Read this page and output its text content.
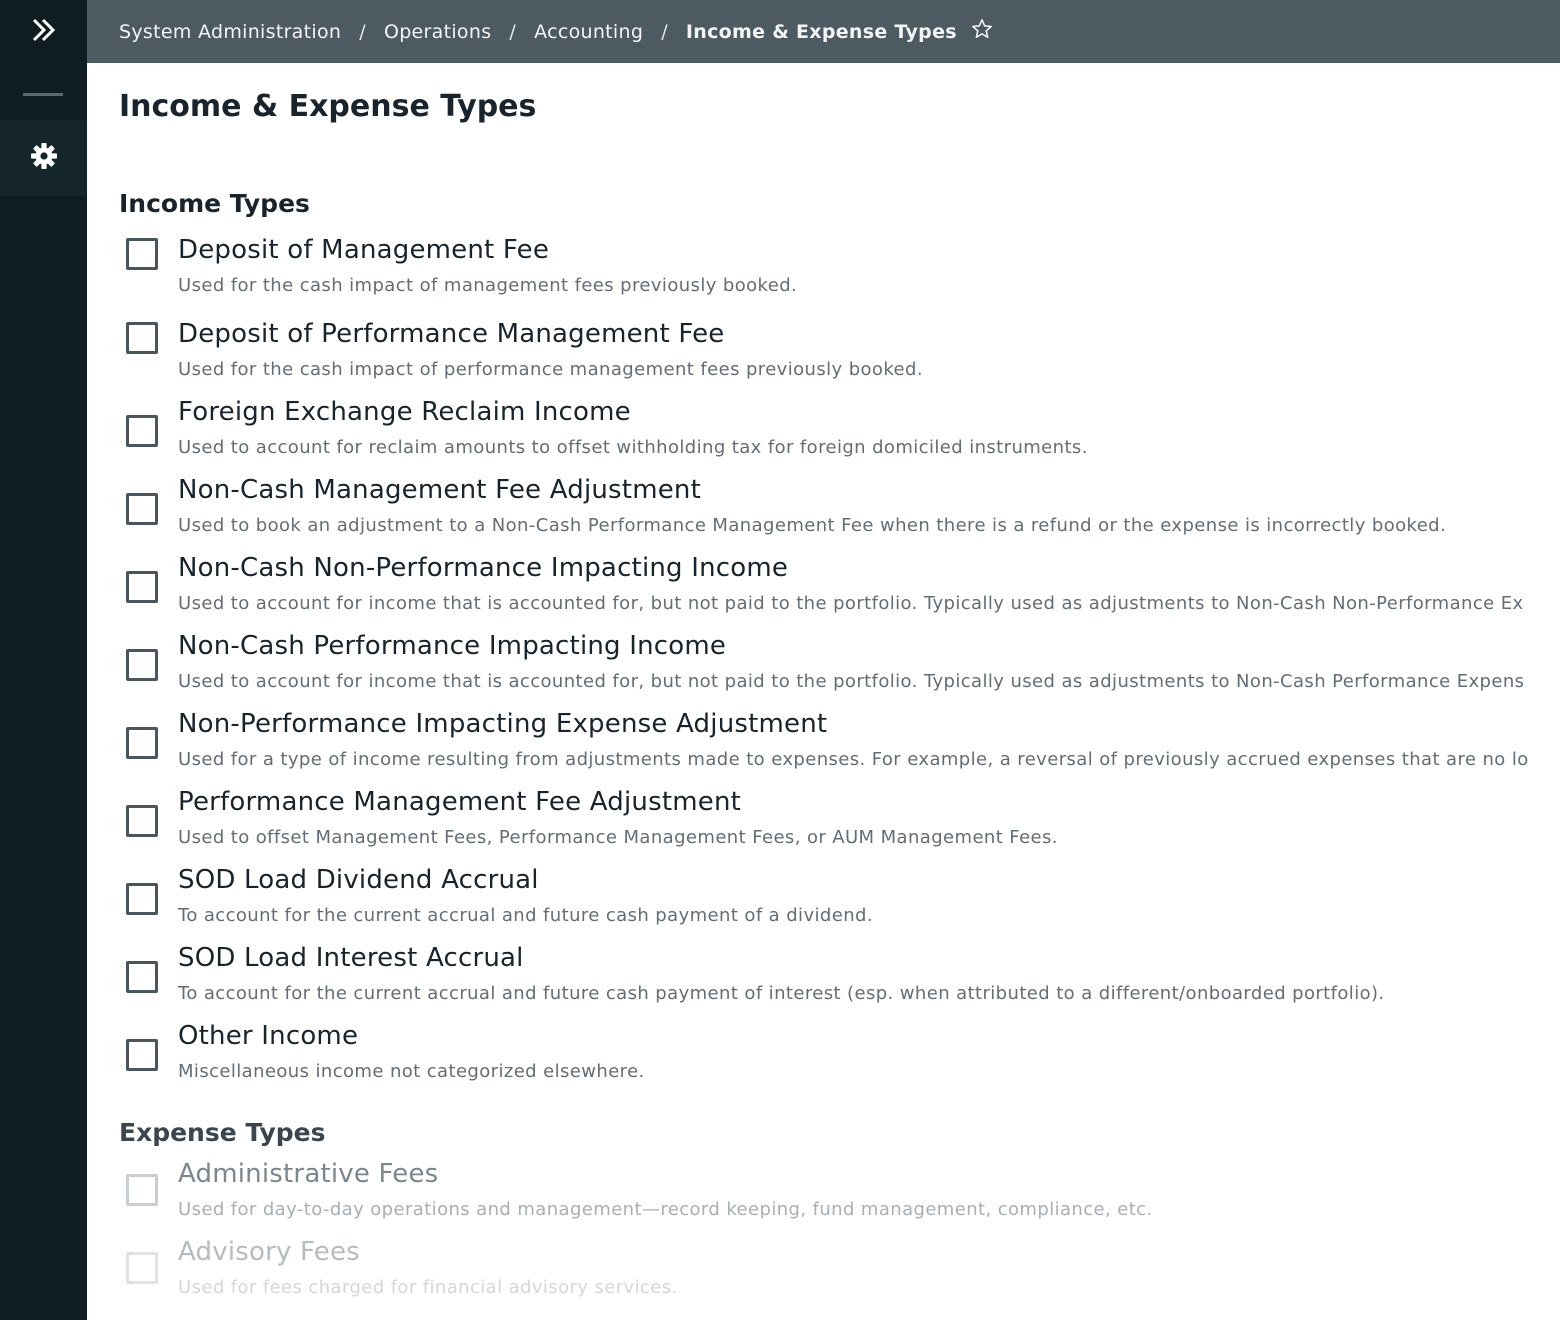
System Administration / Operations / Accounting / Income & Expense Types
Income & Expense Types
Income Types
Deposit of Management Fee
Used for the cash impact of management fees previously booked.
Deposit of Performance Management Fee
Used for the cash impact of performance management fees previously booked.
Foreign Exchange Reclaim Income
Used to account for reclaim amounts to offset withholding tax for foreign domiciled instruments.
Non-Cash Management Fee Adjustment
Used to book an adjustment to a Non-Cash Performance Management Fee when there is a refund or the expense is incorrectly booked.
Non-Cash Non-Performance Impacting Income
Used to account for income that is accounted for, but not paid to the portfolio. Typically used as adjustments to Non-Cash Non-Performance Ex
Non-Cash Performance Impacting Income
Used to account for income that is accounted for, but not paid to the portfolio. Typically used as adjustments to Non-Cash Performance Expens
Non-Performance Impacting Expense Adjustment
Used for a type of income resulting from adjustments made to expenses. For example, a reversal of previously accrued expenses that are no lo
Performance Management Fee Adjustment
Used to offset Management Fees, Performance Management Fees, or AUM Management Fees.
SOD Load Dividend Accrual
To account for the current accrual and future cash payment of a dividend.
SOD Load Interest Accrual
To account for the current accrual and future cash payment of interest (esp. when attributed to a different/onboarded portfolio).
Other Income
Miscellaneous income not categorized elsewhere.
Expense Types
Administrative Fees
Used for day-to-day operations and management—record keeping, fund management, compliance, etc.
Advisory Fees
Used for fees charged for financial advisory services.
